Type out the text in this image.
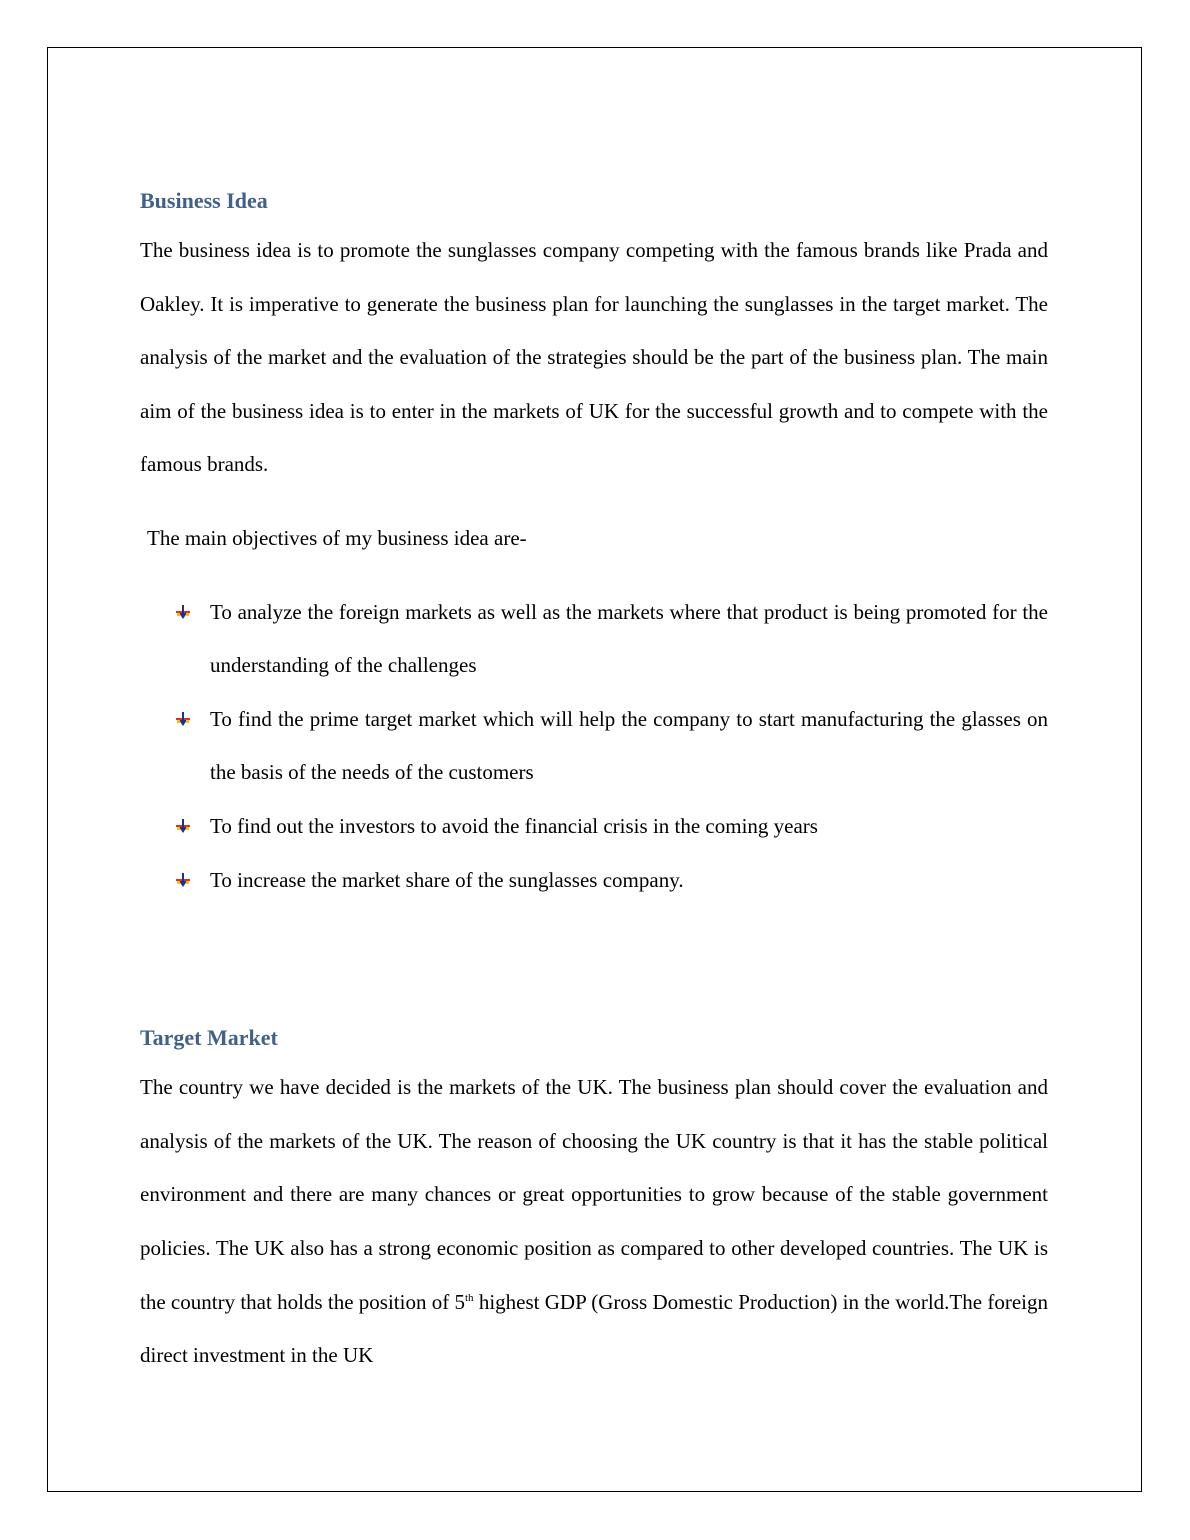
Business Idea

The business idea is to promote the sunglasses company competing with the famous brands like Prada and Oakley. It is imperative to generate the business plan for launching the sunglasses in the target market. The analysis of the market and the evaluation of the strategies should be the part of the business plan. The main aim of the business idea is to enter in the markets of UK for the successful growth and to compete with the famous brands.

The main objectives of my business idea are-

To analyze the foreign markets as well as the markets where that product is being promoted for the understanding of the challenges
To find the prime target market which will help the company to start manufacturing the glasses on the basis of the needs of the customers
To find out the investors to avoid the financial crisis in the coming years
To increase the market share of the sunglasses company.
Target Market

The country we have decided is the markets of the UK. The business plan should cover the evaluation and analysis of the markets of the UK. The reason of choosing the UK country is that it has the stable political environment and there are many chances or great opportunities to grow because of the stable government policies. The UK also has a strong economic position as compared to other developed countries. The UK is the country that holds the position of 5th highest GDP (Gross Domestic Production) in the world.The foreign direct investment in the UK
